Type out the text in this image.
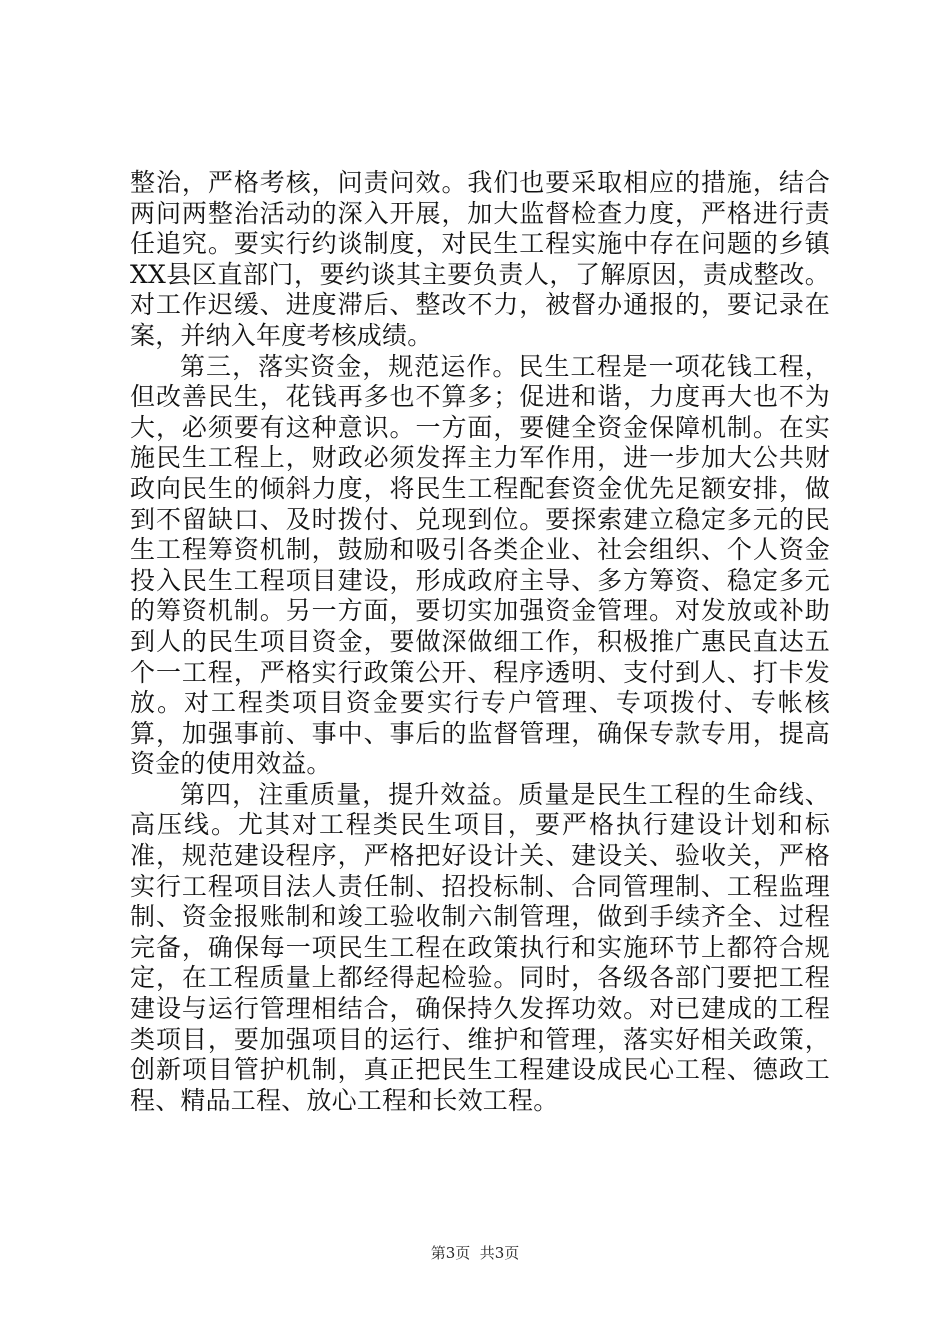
整治，严格考核，问责问效。我们也要采取相应的措施，结合两问两整治活动的深入开展，加大监督检查力度，严格进行责任追究。要实行约谈制度，对民生工程实施中存在问题的乡镇XX县区直部门，要约谈其主要负责人，了解原因，责成整改。对工作迟缓、进度滞后、整改不力，被督办通报的，要记录在案，并纳入年度考核成绩。

第三，落实资金，规范运作。民生工程是一项花钱工程，但改善民生，花钱再多也不算多；促进和谐，力度再大也不为大，必须要有这种意识。一方面，要健全资金保障机制。在实施民生工程上，财政必须发挥主力军作用，进一步加大公共财政向民生的倾斜力度，将民生工程配套资金优先足额安排，做到不留缺口、及时拨付、兑现到位。要探索建立稳定多元的民生工程筹资机制，鼓励和吸引各类企业、社会组织、个人资金投入民生工程项目建设，形成政府主导、多方筹资、稳定多元的筹资机制。另一方面，要切实加强资金管理。对发放或补助到人的民生项目资金，要做深做细工作，积极推广惠民直达五个一工程，严格实行政策公开、程序透明、支付到人、打卡发放。对工程类项目资金要实行专户管理、专项拨付、专帐核算，加强事前、事中、事后的监督管理，确保专款专用，提高资金的使用效益。

第四，注重质量，提升效益。质量是民生工程的生命线、高压线。尤其对工程类民生项目，要严格执行建设计划和标准，规范建设程序，严格把好设计关、建设关、验收关，严格实行工程项目法人责任制、招投标制、合同管理制、工程监理制、资金报账制和竣工验收制六制管理，做到手续齐全、过程完备，确保每一项民生工程在政策执行和实施环节上都符合规定，在工程质量上都经得起检验。同时，各级各部门要把工程建设与运行管理相结合，确保持久发挥功效。对已建成的工程类项目，要加强项目的运行、维护和管理，落实好相关政策，创新项目管护机制，真正把民生工程建设成民心工程、德政工程、精品工程、放心工程和长效工程。

第3页  共3页
